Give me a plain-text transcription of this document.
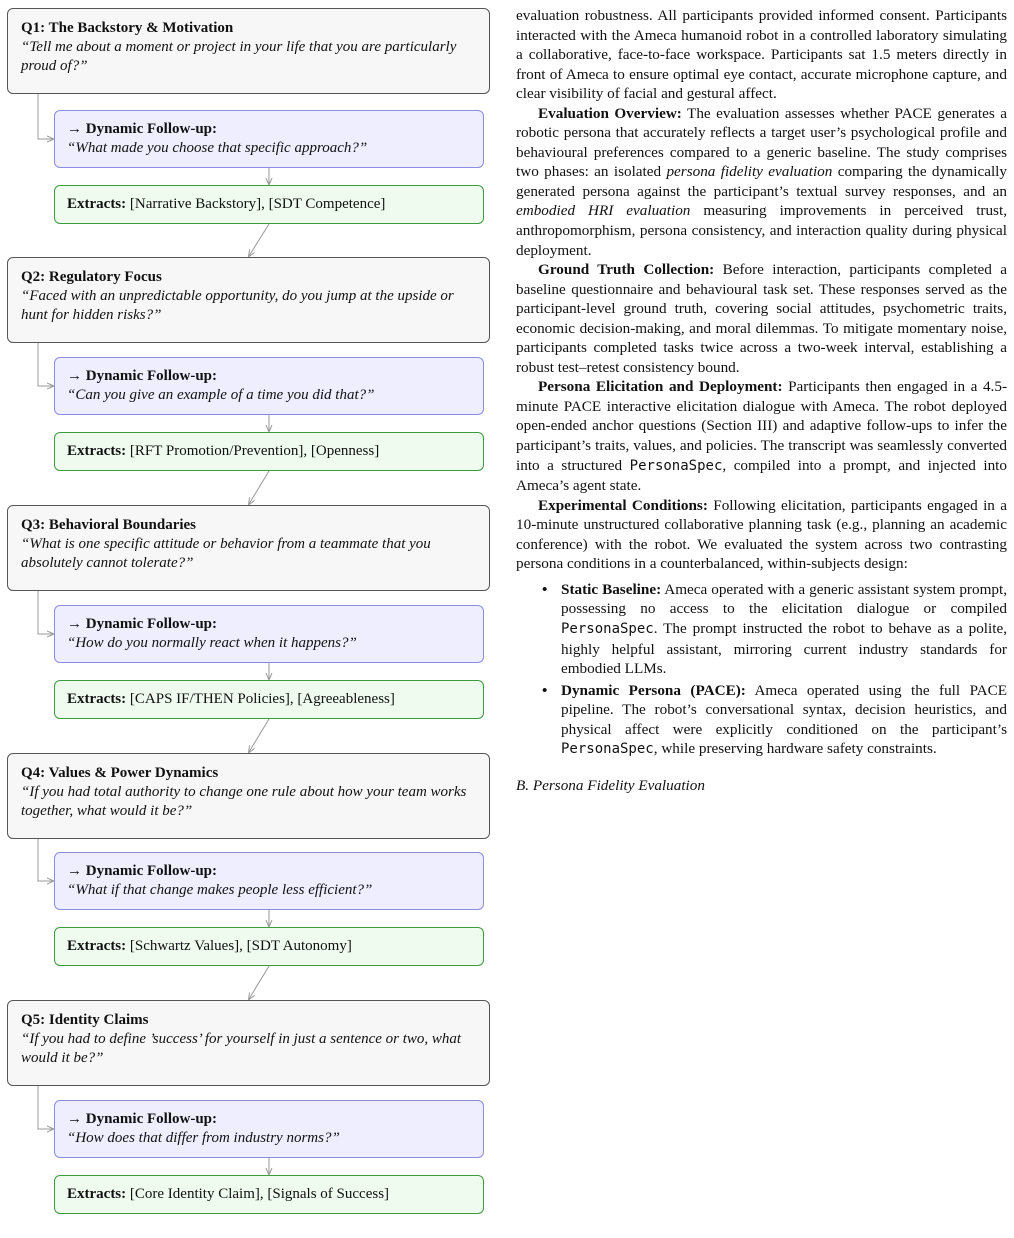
Q1: The Backstory & Motivation
“Tell me about a moment or project in your life that you are particularly proud of?”
→ Dynamic Follow-up:
“What made you choose that specific approach?”
Extracts: [Narrative Backstory], [SDT Competence]
Q2: Regulatory Focus
“Faced with an unpredictable opportunity, do you jump at the upside or hunt for hidden risks?”
→ Dynamic Follow-up:
“Can you give an example of a time you did that?”
Extracts: [RFT Promotion/Prevention], [Openness]
Q3: Behavioral Boundaries
“What is one specific attitude or behavior from a teammate that you absolutely cannot tolerate?”
→ Dynamic Follow-up:
“How do you normally react when it happens?”
Extracts: [CAPS IF/THEN Policies], [Agreeableness]
Q4: Values & Power Dynamics
“If you had total authority to change one rule about how your team works together, what would it be?”
→ Dynamic Follow-up:
“What if that change makes people less efficient?”
Extracts: [Schwartz Values], [SDT Autonomy]
Q5: Identity Claims
“If you had to define ’success’ for yourself in just a sentence or two, what would it be?”
→ Dynamic Follow-up:
“How does that differ from industry norms?”
Extracts: [Core Identity Claim], [Signals of Success]

evaluation robustness. All participants provided informed consent. Participants interacted with the Ameca humanoid robot in a controlled laboratory simulating a collaborative, face-to-face workspace. Participants sat 1.5 meters directly in front of Ameca to ensure optimal eye contact, accurate microphone capture, and clear visibility of facial and gestural affect.

Evaluation Overview: The evaluation assesses whether PACE generates a robotic persona that accurately reflects a target user’s psychological profile and behavioural preferences compared to a generic baseline. The study comprises two phases: an isolated persona fidelity evaluation comparing the dynamically generated persona against the participant’s textual survey responses, and an embodied HRI evaluation measuring improvements in perceived trust, anthropomorphism, persona consistency, and interaction quality during physical deployment.

Ground Truth Collection: Before interaction, participants completed a baseline questionnaire and behavioural task set. These responses served as the participant-level ground truth, covering social attitudes, psychometric traits, economic decision-making, and moral dilemmas. To mitigate momentary noise, participants completed tasks twice across a two-week interval, establishing a robust test–retest consistency bound.

Persona Elicitation and Deployment: Participants then engaged in a 4.5-minute PACE interactive elicitation dialogue with Ameca. The robot deployed open-ended anchor questions (Section III) and adaptive follow-ups to infer the participant’s traits, values, and policies. The transcript was seamlessly converted into a structured PersonaSpec, compiled into a prompt, and injected into Ameca’s agent state.

Experimental Conditions: Following elicitation, participants engaged in a 10-minute unstructured collaborative planning task (e.g., planning an academic conference) with the robot. We evaluated the system across two contrasting persona conditions in a counterbalanced, within-subjects design:

• Static Baseline: Ameca operated with a generic assistant system prompt, possessing no access to the elicitation dialogue or compiled PersonaSpec. The prompt instructed the robot to behave as a polite, highly helpful assistant, mirroring current industry standards for embodied LLMs.
• Dynamic Persona (PACE): Ameca operated using the full PACE pipeline. The robot’s conversational syntax, decision heuristics, and physical affect were explicitly conditioned on the participant’s PersonaSpec, while preserving hardware safety constraints.

B. Persona Fidelity Evaluation
